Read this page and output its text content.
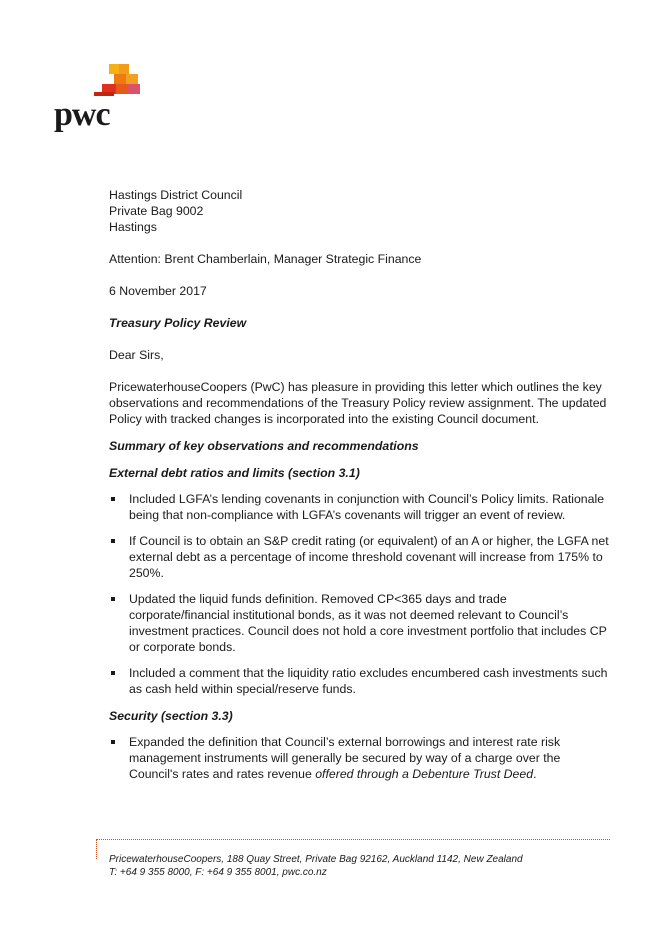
pwc
Hastings District Council
Private Bag 9002
Hastings

Attention: Brent Chamberlain, Manager Strategic Finance

6 November 2017

Treasury Policy Review

Dear Sirs,

PricewaterhouseCoopers (PwC) has pleasure in providing this letter which outlines the key observations and recommendations of the Treasury Policy review assignment. The updated Policy with tracked changes is incorporated into the existing Council document.

Summary of key observations and recommendations

External debt ratios and limits (section 3.1)

Included LGFA’s lending covenants in conjunction with Council’s Policy limits. Rationale being that non-compliance with LGFA’s covenants will trigger an event of review.
If Council is to obtain an S&P credit rating (or equivalent) of an A or higher, the LGFA net external debt as a percentage of income threshold covenant will increase from 175% to 250%.
Updated the liquid funds definition. Removed CP<365 days and trade corporate/financial institutional bonds, as it was not deemed relevant to Council’s investment practices. Council does not hold a core investment portfolio that includes CP or corporate bonds.
Included a comment that the liquidity ratio excludes encumbered cash investments such as cash held within special/reserve funds.

Security (section 3.3)

Expanded the definition that Council’s external borrowings and interest rate risk management instruments will generally be secured by way of a charge over the Council's rates and rates revenue offered through a Debenture Trust Deed.
PricewaterhouseCoopers, 188 Quay Street, Private Bag 92162, Auckland 1142, New Zealand
T: +64 9 355 8000, F: +64 9 355 8001, pwc.co.nz
